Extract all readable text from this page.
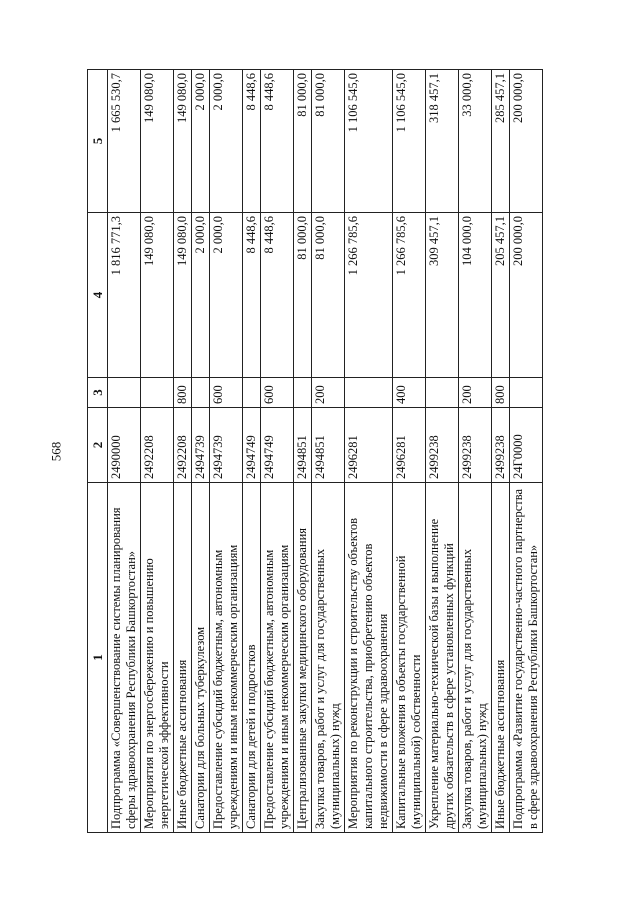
568
1	2	3	4	5
Подпрограмма «Совершенствование системы планирования сферы здравоохранения Республики Башкортостан»	2490000		1 816 771,3	1 665 530,7
Мероприятия по энергосбережению и повышению энергетической эффективности	2492208		149 080,0	149 080,0
Иные бюджетные ассигнования	2492208	800	149 080,0	149 080,0
Санатории для больных туберкулезом	2494739		2 000,0	2 000,0
Предоставление субсидий бюджетным, автономным учреждениям и иным некоммерческим организациям	2494739	600	2 000,0	2 000,0
Санатории для детей и подростков	2494749		8 448,6	8 448,6
Предоставление субсидий бюджетным, автономным учреждениям и иным некоммерческим организациям	2494749	600	8 448,6	8 448,6
Централизованные закупки медицинского оборудования	2494851		81 000,0	81 000,0
Закупка товаров, работ и услуг для государственных (муниципальных) нужд	2494851	200	81 000,0	81 000,0
Мероприятия по реконструкции и строительству объектов капитального строительства, приобретению объектов недвижимости в сфере здравоохранения	2496281		1 266 785,6	1 106 545,0
Капитальные вложения в объекты государственной (муниципальной) собственности	2496281	400	1 266 785,6	1 106 545,0
Укрепление материально-технической базы и выполнение других обязательств в сфере установленных функций	2499238		309 457,1	318 457,1
Закупка товаров, работ и услуг для государственных (муниципальных) нужд	2499238	200	104 000,0	33 000,0
Иные бюджетные ассигнования	2499238	800	205 457,1	285 457,1
Подпрограмма «Развитие государственно-частного партнерства в сфере здравоохранения Республики Башкортостан»	24Г0000		200 000,0	200 000,0
